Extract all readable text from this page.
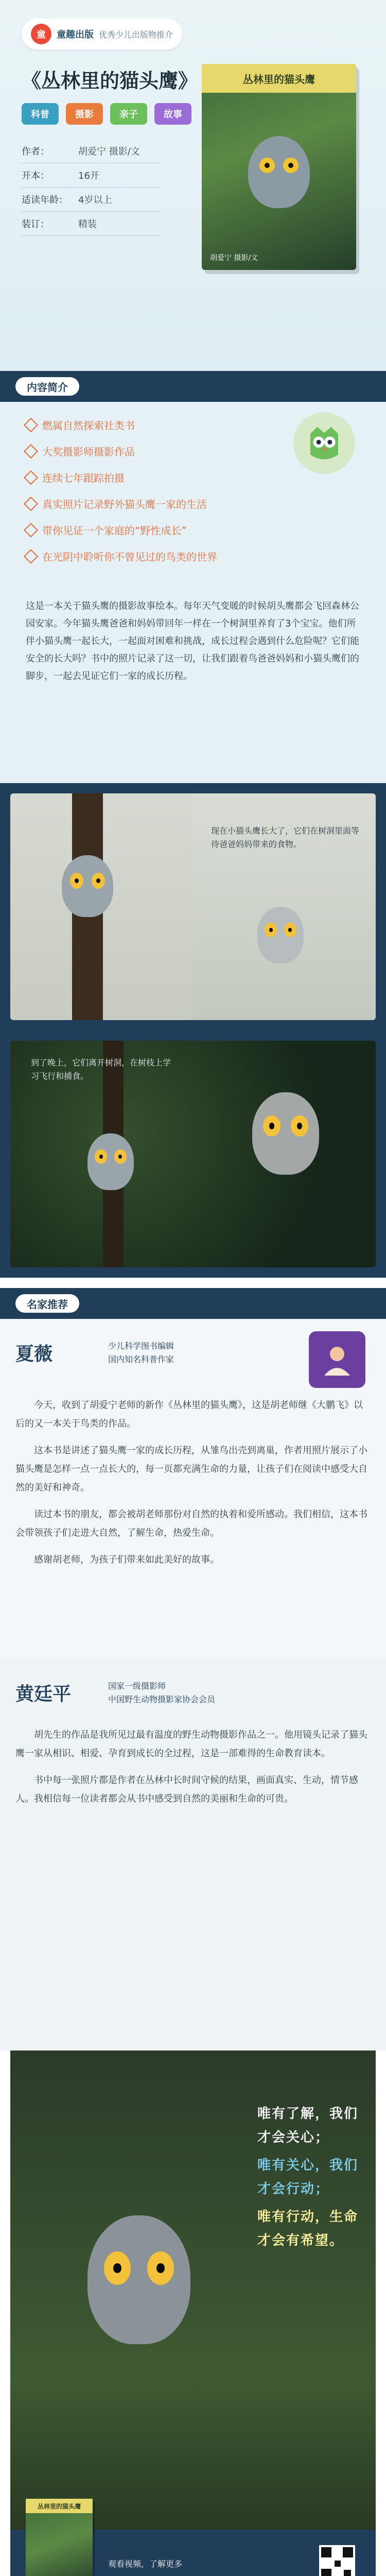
童	童趣出版 优秀少儿出版物推介
《丛林里的猫头鹰》
科普	摄影	亲子	故事
作者：	胡爱宁 摄影/文
开本：	16开
适读年龄：	4岁以上
装订：	精装
丛林里的猫头鹰
胡爱宁 摄影/文
内容简介
燃属自然探索社类书
大奖摄影师摄影作品
连续七年跟踪拍摄
真实照片记录野外猫头鹰一家的生活
带你见证一个家庭的“野性成长”
在光阴中聆听你不曾见过的鸟类的世界
这是一本关于猫头鹰的摄影故事绘本。每年天气变暖的时候胡头鹰都会飞回森林公园安家。今年猫头鹰爸爸和妈妈带回年一样在一个树洞里养育了3个宝宝。他们所伴小猫头鹰一起长大，一起面对困难和挑战，成长过程会遇到什么危险呢？它们能安全的长大吗？书中的照片记录了这一切，让我们跟着鸟爸爸妈妈和小猫头鹰们的脚步，一起去见证它们一家的成长历程。
现在小猫头鹰长大了，它们在树洞里面等待爸爸妈妈带来的食物。
到了晚上，它们离开树洞，在树枝上学习飞行和捕食。
名家推荐
夏薇	少儿科学图书编辑
国内知名科普作家

今天，收到了胡爱宁老师的新作《丛林里的猫头鹰》，这是胡老师继《大鹏飞》以后的又一本关于鸟类的作品。

这本书是讲述了猫头鹰一家的成长历程，从雏鸟出壳到离巢，作者用照片展示了小猫头鹰是怎样一点一点长大的，每一页都充满生命的力量，让孩子们在阅读中感受大自然的美好和神奇。

读过本书的朋友，都会被胡老师那份对自然的执着和爱所感动。我们相信，这本书会带领孩子们走进大自然，了解生命，热爱生命。

感谢胡老师，为孩子们带来如此美好的故事。

黄廷平	国家一级摄影师
中国野生动物摄影家协会会员

胡先生的作品是我所见过最有温度的野生动物摄影作品之一。他用镜头记录了猫头鹰一家从相识、相爱、孕育到成长的全过程，这是一部难得的生命教育读本。

书中每一张照片都是作者在丛林中长时间守候的结果，画面真实、生动，情节感人。我相信每一位读者都会从书中感受到自然的美丽和生命的可贵。

唯有了解，我们才会关心；
唯有关心，我们才会行动；
唯有行动，生命才会有希望。
丛林里的猫头鹰
观看视频，了解更多
